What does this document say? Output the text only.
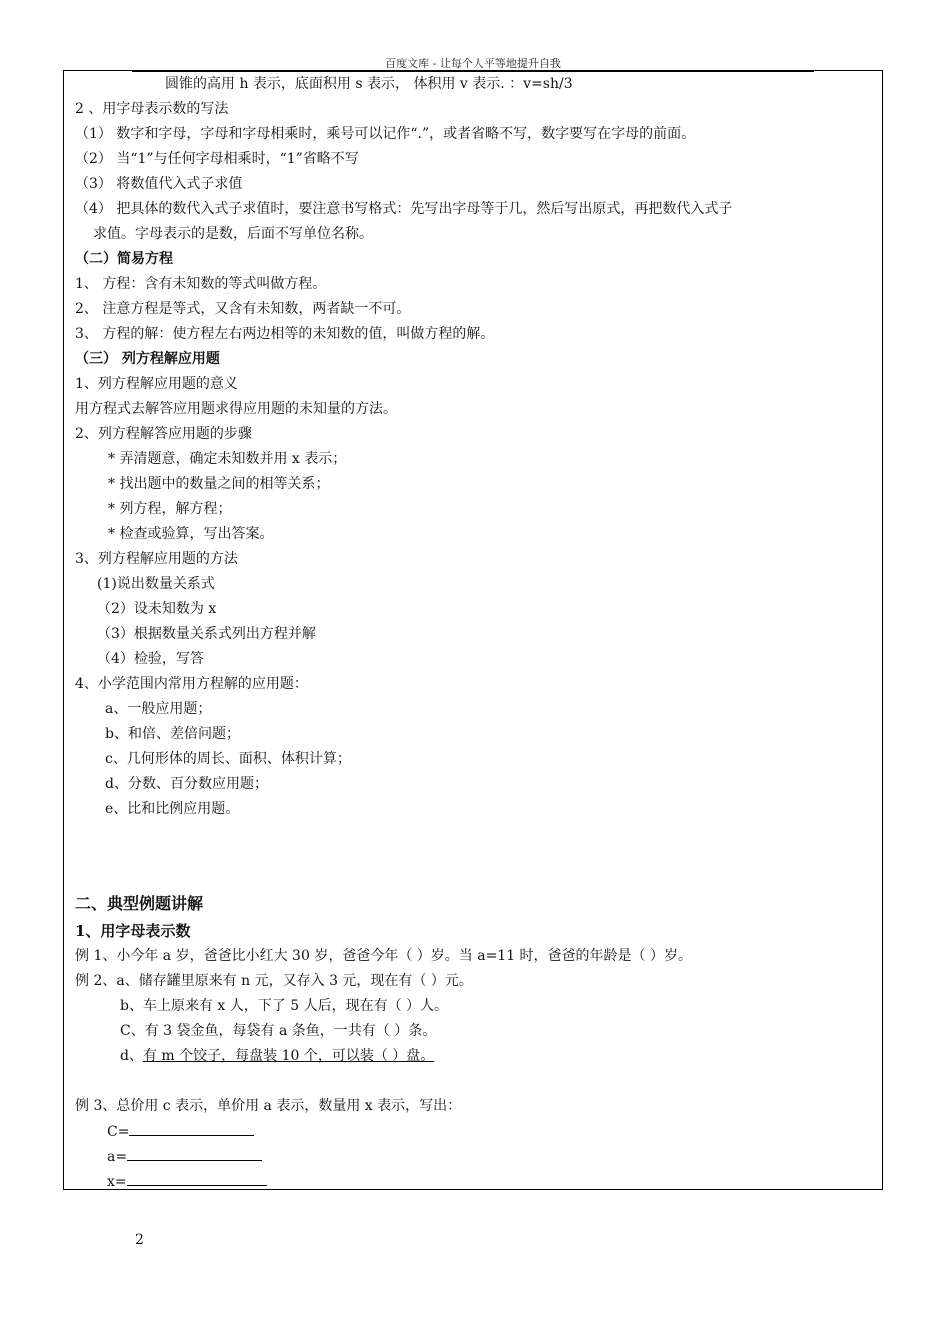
百度文库 - 让每个人平等地提升自我
圆锥的高用 h 表示，底面积用 s 表示， 体积用 v 表示. ：v=sh/3
2 、用字母表示数的写法
（1） 数字和字母，字母和字母相乘时，乘号可以记作“.”，或者省略不写，数字要写在字母的前面。
（2） 当“1”与任何字母相乘时，“1”省略不写
（3） 将数值代入式子求值
（4） 把具体的数代入式子求值时，要注意书写格式：先写出字母等于几，然后写出原式，再把数代入式子
求值。字母表示的是数，后面不写单位名称。
（二）简易方程
1、 方程：含有未知数的等式叫做方程。
2、 注意方程是等式，又含有未知数，两者缺一不可。
3、 方程的解：使方程左右两边相等的未知数的值，叫做方程的解。
（三） 列方程解应用题
1、列方程解应用题的意义
用方程式去解答应用题求得应用题的未知量的方法。
2、列方程解答应用题的步骤
* 弄清题意，确定未知数并用 x 表示；
* 找出题中的数量之间的相等关系；
* 列方程，解方程；
* 检查或验算，写出答案。
3、列方程解应用题的方法
(1)说出数量关系式
（2）设未知数为 x
（3）根据数量关系式列出方程并解
（4）检验，写答
4、小学范围内常用方程解的应用题：
a、一般应用题；
b、和倍、差倍问题；
c、几何形体的周长、面积、体积计算；
d、分数、百分数应用题；
e、比和比例应用题。
二、典型例题讲解
1、用字母表示数
例 1、小今年 a 岁，爸爸比小红大 30 岁，爸爸今年（ ）岁。当 a=11 时，爸爸的年龄是（ ）岁。
例 2、a、储存罐里原来有 n 元，又存入 3 元，现在有（ ）元。
b、车上原来有 x 人，下了 5 人后，现在有（ ）人。
C、有 3 袋金鱼，每袋有 a 条鱼，一共有（ ）条。
d、有 m 个饺子，每盘装 10 个，可以装（ ）盘。
例 3、总价用 c 表示，单价用 a 表示，数量用 x 表示，写出：
C=
a=
x=
2
